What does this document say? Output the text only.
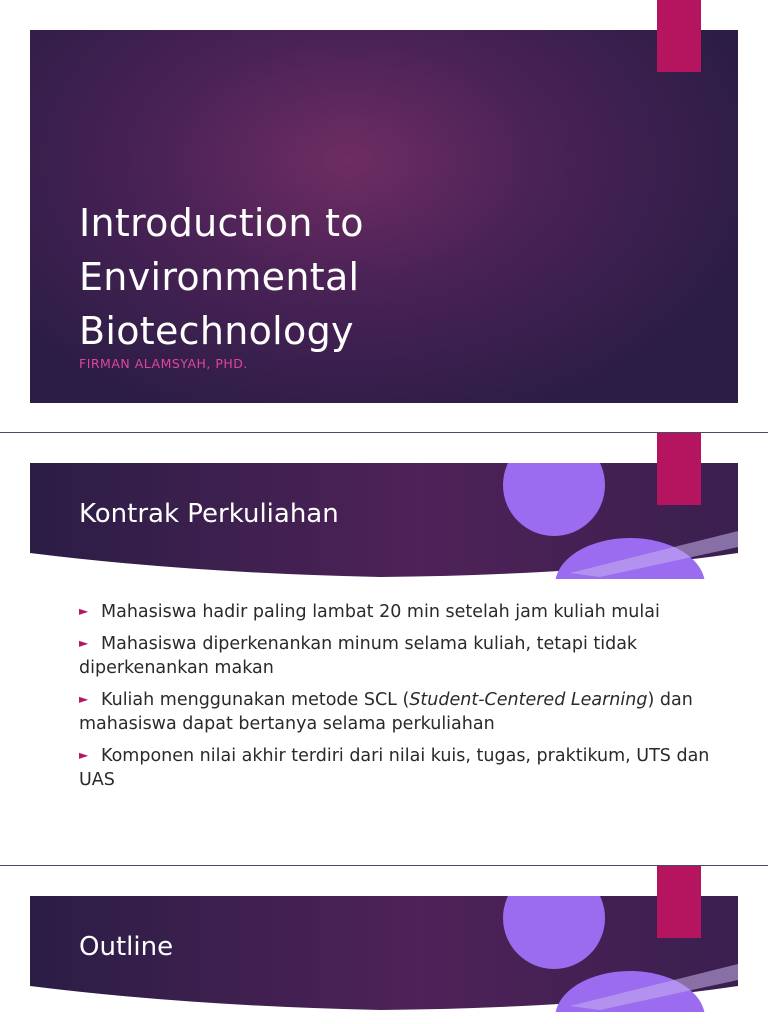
Introduction to
Environmental
Biotechnology
FIRMAN ALAMSYAH, PHD.
Kontrak Perkuliahan
► Mahasiswa hadir paling lambat 20 min setelah jam kuliah mulai
► Mahasiswa diperkenankan minum selama kuliah, tetapi tidak diperkenankan makan
► Kuliah menggunakan metode SCL (Student-Centered Learning) dan mahasiswa dapat bertanya selama perkuliahan
► Komponen nilai akhir terdiri dari nilai kuis, tugas, praktikum, UTS dan UAS
Outline
